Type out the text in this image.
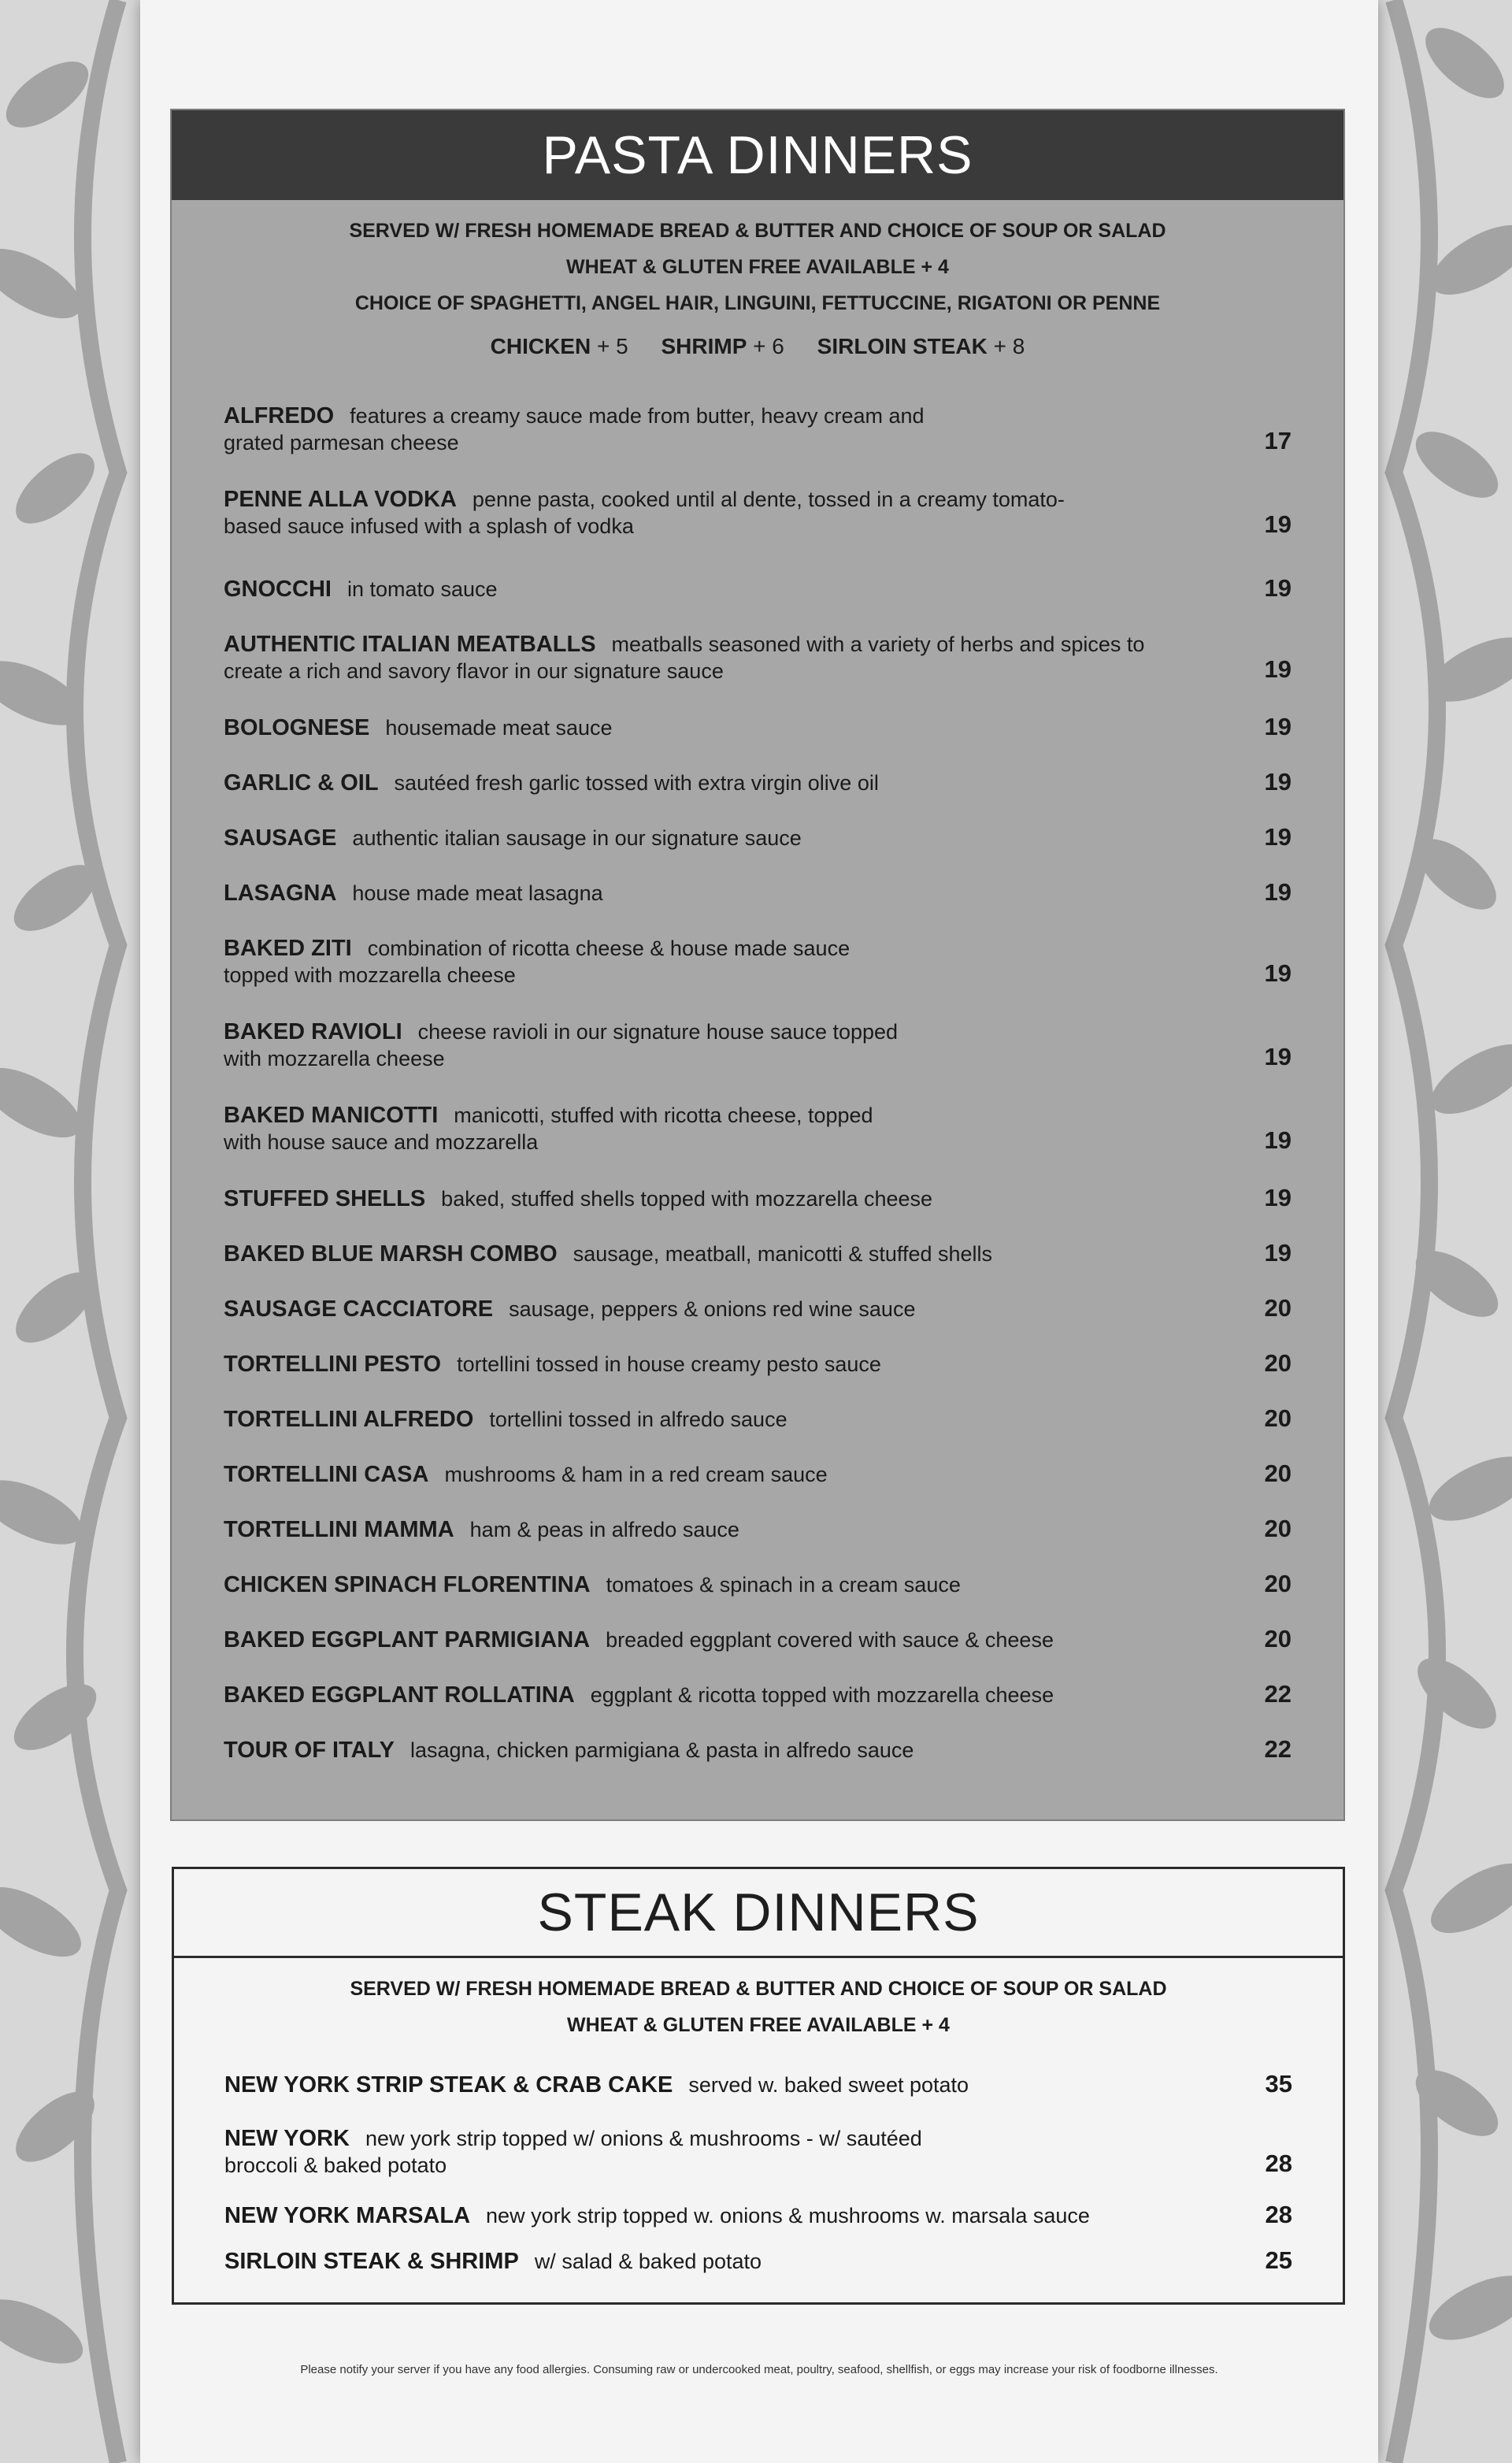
PASTA DINNERS
SERVED W/ FRESH HOMEMADE BREAD & BUTTER AND CHOICE OF SOUP OR SALAD
WHEAT & GLUTEN FREE AVAILABLE + 4
CHOICE OF SPAGHETTI, ANGEL HAIR, LINGUINI, FETTUCCINE, RIGATONI OR PENNE
CHICKEN + 5 SHRIMP + 6 SIRLOIN STEAK + 8
ALFREDO features a creamy sauce made from butter, heavy cream and
grated parmesan cheese	17
PENNE ALLA VODKA penne pasta, cooked until al dente, tossed in a creamy tomato-
based sauce infused with a splash of vodka	19
GNOCCHI in tomato sauce	19
AUTHENTIC ITALIAN MEATBALLS meatballs seasoned with a variety of herbs and spices to
create a rich and savory flavor in our signature sauce	19
BOLOGNESE housemade meat sauce	19
GARLIC & OIL sautéed fresh garlic tossed with extra virgin olive oil	19
SAUSAGE authentic italian sausage in our signature sauce	19
LASAGNA house made meat lasagna	19
BAKED ZITI combination of ricotta cheese & house made sauce
topped with mozzarella cheese	19
BAKED RAVIOLI cheese ravioli in our signature house sauce topped
with mozzarella cheese	19
BAKED MANICOTTI manicotti, stuffed with ricotta cheese, topped
with house sauce and mozzarella	19
STUFFED SHELLS baked, stuffed shells topped with mozzarella cheese	19
BAKED BLUE MARSH COMBO sausage, meatball, manicotti & stuffed shells	19
SAUSAGE CACCIATORE sausage, peppers & onions red wine sauce	20
TORTELLINI PESTO tortellini tossed in house creamy pesto sauce	20
TORTELLINI ALFREDO tortellini tossed in alfredo sauce	20
TORTELLINI CASA mushrooms & ham in a red cream sauce	20
TORTELLINI MAMMA ham & peas in alfredo sauce	20
CHICKEN SPINACH FLORENTINA tomatoes & spinach in a cream sauce	20
BAKED EGGPLANT PARMIGIANA breaded eggplant covered with sauce & cheese	20
BAKED EGGPLANT ROLLATINA eggplant & ricotta topped with mozzarella cheese	22
TOUR OF ITALY lasagna, chicken parmigiana & pasta in alfredo sauce	22
STEAK DINNERS
SERVED W/ FRESH HOMEMADE BREAD & BUTTER AND CHOICE OF SOUP OR SALAD
WHEAT & GLUTEN FREE AVAILABLE + 4
NEW YORK STRIP STEAK & CRAB CAKE served w. baked sweet potato	35
NEW YORK new york strip topped w/ onions & mushrooms - w/ sautéed
broccoli & baked potato	28
NEW YORK MARSALA new york strip topped w. onions & mushrooms w. marsala sauce	28
SIRLOIN STEAK & SHRIMP w/ salad & baked potato	25
Please notify your server if you have any food allergies. Consuming raw or undercooked meat, poultry, seafood, shellfish, or eggs may increase your risk of foodborne illnesses.
